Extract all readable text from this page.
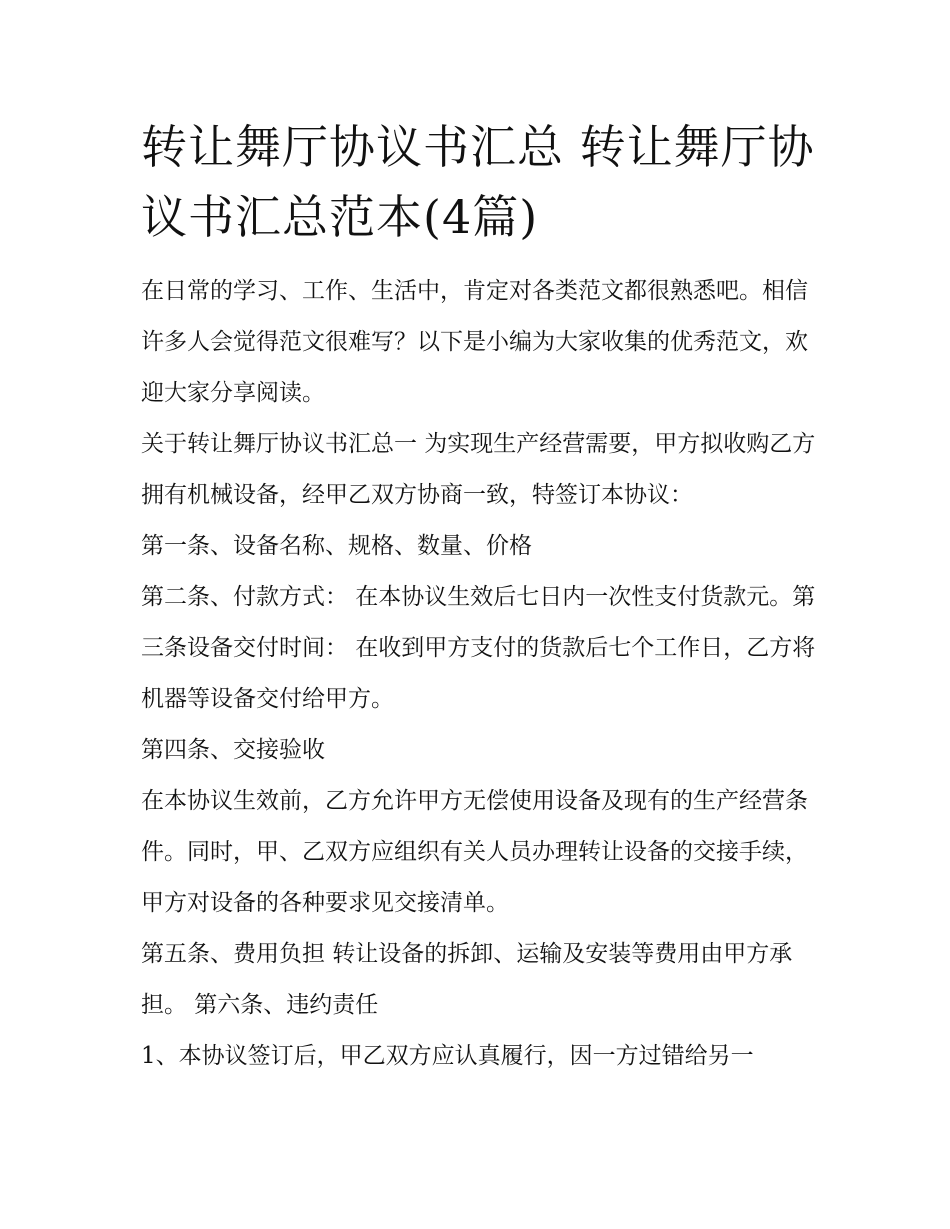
转让舞厅协议书汇总 转让舞厅协议书汇总范本(4篇)

在日常的学习、工作、生活中，肯定对各类范文都很熟悉吧。相信许多人会觉得范文很难写？以下是小编为大家收集的优秀范文，欢迎大家分享阅读。

关于转让舞厅协议书汇总一 为实现生产经营需要，甲方拟收购乙方拥有机械设备，经甲乙双方协商一致，特签订本协议：

第一条、设备名称、规格、数量、价格

第二条、付款方式： 在本协议生效后七日内一次性支付货款元。第三条设备交付时间： 在收到甲方支付的货款后七个工作日，乙方将机器等设备交付给甲方。

第四条、交接验收

在本协议生效前，乙方允许甲方无偿使用设备及现有的生产经营条件。同时，甲、乙双方应组织有关人员办理转让设备的交接手续，甲方对设备的各种要求见交接清单。

第五条、费用负担 转让设备的拆卸、运输及安装等费用由甲方承担。 第六条、违约责任

1、本协议签订后，甲乙双方应认真履行，因一方过错给另一
